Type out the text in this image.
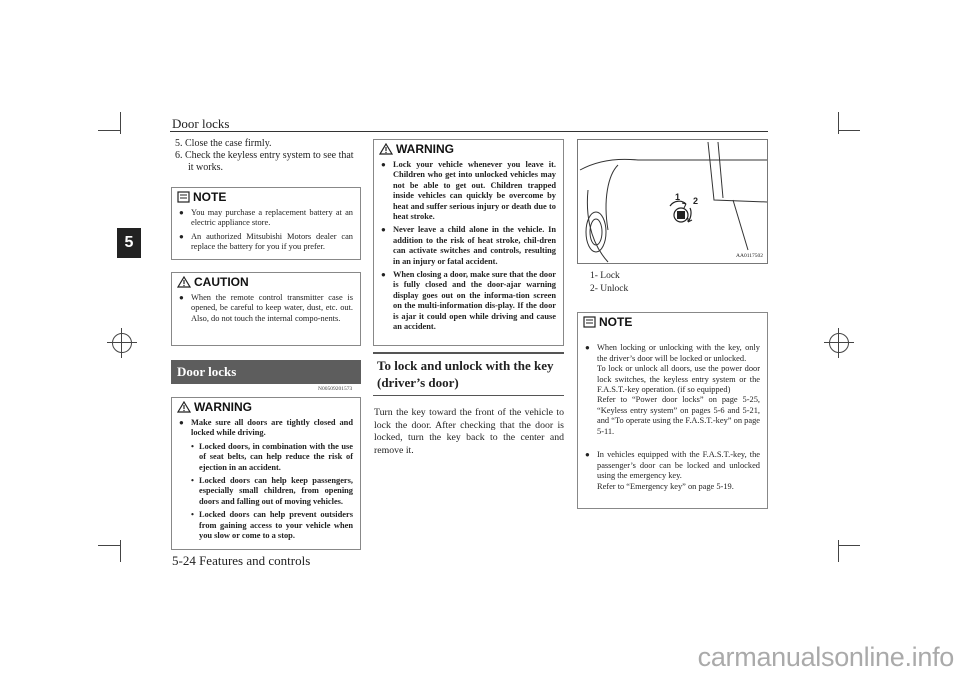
Door locks
5-24 Features and controls
5
5. Close the case firmly.
6. Check the keyless entry system to see that
it works.
NOTE
● You may purchase a replacement battery at an electric appliance store.
● An authorized Mitsubishi Motors dealer can replace the battery for you if you prefer.
CAUTION
● When the remote control transmitter case is opened, be careful to keep water, dust, etc. out. Also, do not touch the internal compo-nents.
Door locks
N00509201573
WARNING
● Make sure all doors are tightly closed and locked while driving.
• Locked doors, in combination with the use of seat belts, can help reduce the risk of ejection in an accident.
• Locked doors can help keep passengers, especially small children, from opening doors and falling out of moving vehicles.
• Locked doors can help prevent outsiders from gaining access to your vehicle when you slow or come to a stop.
WARNING
● Lock your vehicle whenever you leave it. Children who get into unlocked vehicles may not be able to get out. Children trapped inside vehicles can quickly be overcome by heat and suffer serious injury or death due to heat stroke.
● Never leave a child alone in the vehicle. In addition to the risk of heat stroke, chil-dren can activate switches and controls, resulting in an injury or fatal accident.
● When closing a door, make sure that the door is fully closed and the door-ajar warning display goes out on the informa-tion screen on the multi-information dis-play. If the door is ajar it could open while driving and cause an accident.
To lock and unlock with the key
(driver’s door)
Turn the key toward the front of the vehicle to lock the door. After checking that the door is locked, turn the key back to the center and remove it.
1 2
AA0117502
1- Lock
2- Unlock
NOTE

● When locking or unlocking with the key, only the driver’s door will be locked or unlocked.
To lock or unlock all doors, use the power door lock switches, the keyless entry system or the F.A.S.T.-key operation. (if so equipped)
Refer to “Power door locks” on page 5-25, “Keyless entry system” on pages 5-6 and 5-21, and “To operate using the F.A.S.T.-key” on page 5-11.

● In vehicles equipped with the F.A.S.T.-key, the passenger’s door can be locked and unlocked using the emergency key.
Refer to “Emergency key” on page 5-19.

carmanualsonline.info
